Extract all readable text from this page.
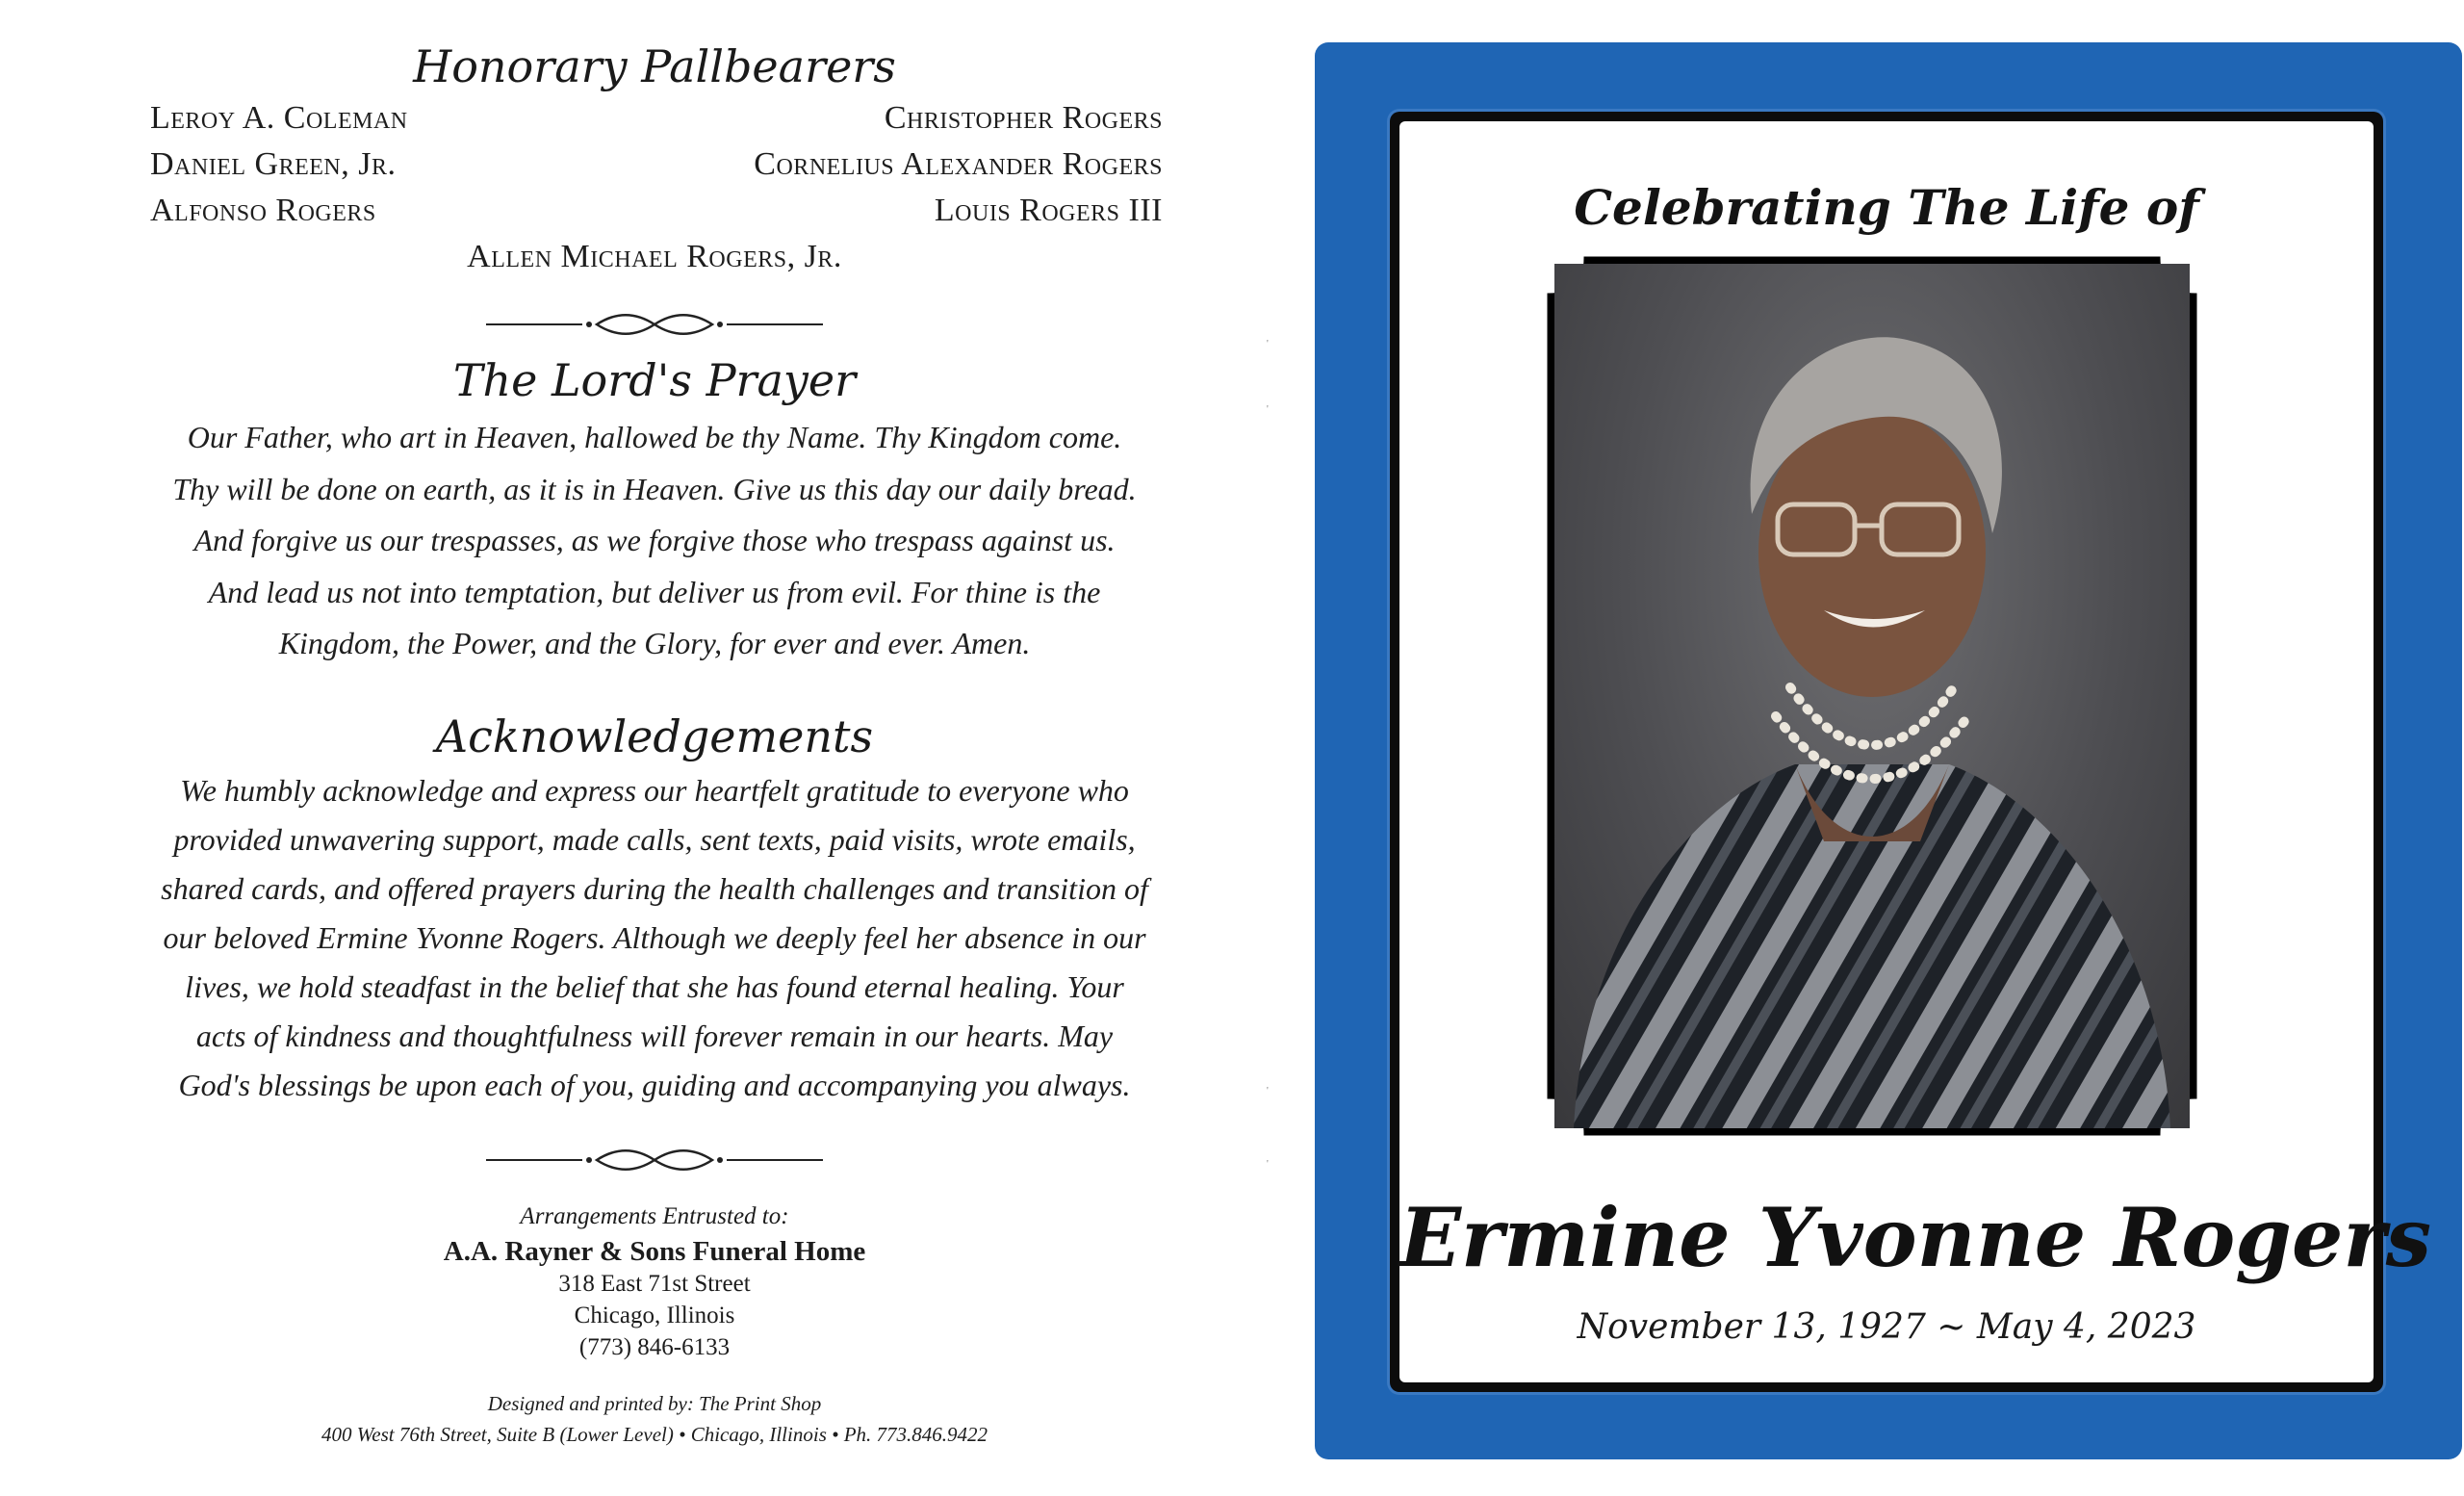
Honorary Pallbearers
Leroy A. Coleman
Daniel Green, Jr.
Alfonso Rogers
Christopher Rogers
Cornelius Alexander Rogers
Louis Rogers III
Allen Michael Rogers, Jr.
The Lord's Prayer

Our Father, who art in Heaven, hallowed be thy Name. Thy Kingdom come.

Thy will be done on earth, as it is in Heaven. Give us this day our daily bread.

And forgive us our trespasses, as we forgive those who trespass against us.

And lead us not into temptation, but deliver us from evil. For thine is the

Kingdom, the Power, and the Glory, for ever and ever. Amen.

Acknowledgements

We humbly acknowledge and express our heartfelt gratitude to everyone who

provided unwavering support, made calls, sent texts, paid visits, wrote emails,

shared cards, and offered prayers during the health challenges and transition of

our beloved Ermine Yvonne Rogers. Although we deeply feel her absence in our

lives, we hold steadfast in the belief that she has found eternal healing. Your

acts of kindness and thoughtfulness will forever remain in our hearts. May

God's blessings be upon each of you, guiding and accompanying you always.

Arrangements Entrusted to:
A.A. Rayner & Sons Funeral Home
318 East 71st Street
Chicago, Illinois
(773) 846-6133
Designed and printed by: The Print Shop
400 West 76th Street, Suite B (Lower Level) • Chicago, Illinois • Ph. 773.846.9422
'
'
'
'
Celebrating The Life of
Ermine Yvonne Rogers
November 13, 1927 ~ May 4, 2023
